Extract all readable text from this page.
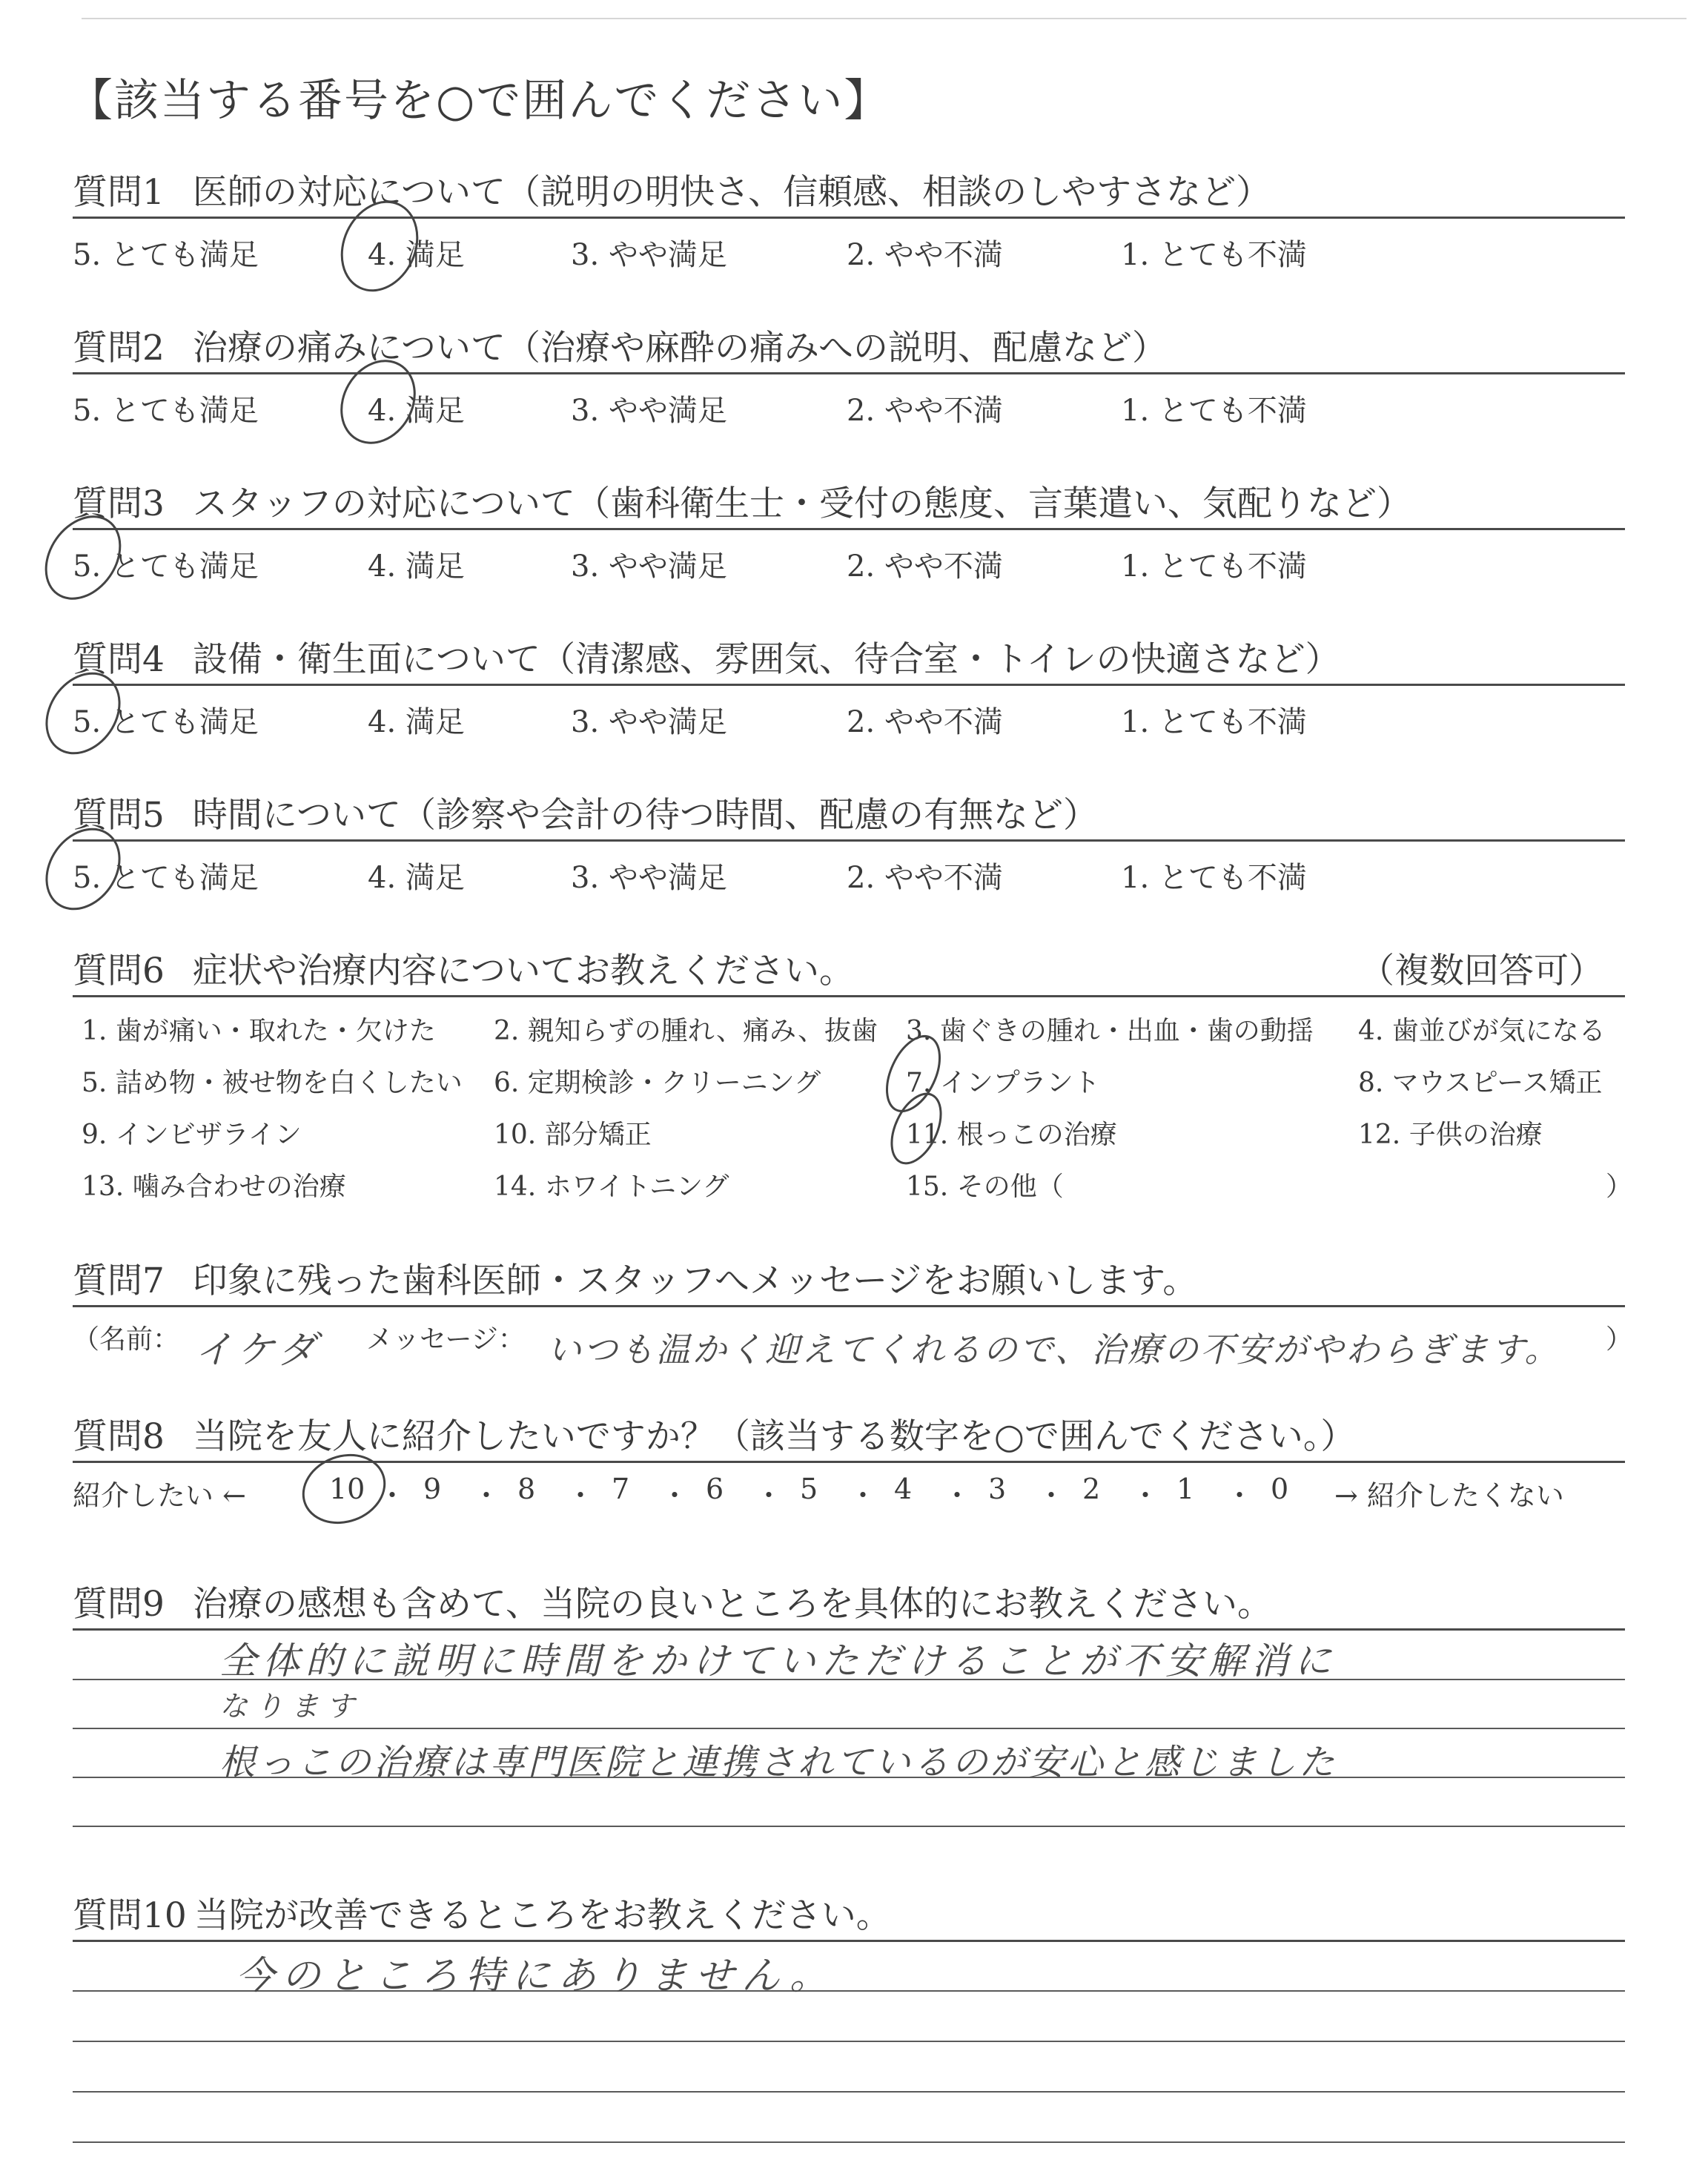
【該当する番号を○で囲んでください】
質問1 医師の対応について（説明の明快さ、信頼感、相談のしやすさなど）
5. とても満足	4. 満足	3. やや満足	2. やや不満	1. とても不満
質問2 治療の痛みについて（治療や麻酔の痛みへの説明、配慮など）
5. とても満足	4. 満足	3. やや満足	2. やや不満	1. とても不満
質問3 スタッフの対応について（歯科衛生士・受付の態度、言葉遣い、気配りなど）
5. とても満足	4. 満足	3. やや満足	2. やや不満	1. とても不満
質問4 設備・衛生面について（清潔感、雰囲気、待合室・トイレの快適さなど）
5. とても満足	4. 満足	3. やや満足	2. やや不満	1. とても不満
質問5 時間について（診察や会計の待つ時間、配慮の有無など）
5. とても満足	4. 満足	3. やや満足	2. やや不満	1. とても不満
質問6 症状や治療内容についてお教えください。	（複数回答可）
1. 歯が痛い・取れた・欠けた 2. 親知らずの腫れ、痛み、抜歯 3. 歯ぐきの腫れ・出血・歯の動揺 4. 歯並びが気になる
5. 詰め物・被せ物を白くしたい 6. 定期検診・クリーニング	7. インプラント	8. マウスピース矯正
9. インビザライン	10. 部分矯正	11. 根っこの治療	12. 子供の治療
13. 噛み合わせの治療	14. ホワイトニング	15. その他（	）
質問7 印象に残った歯科医師・スタッフへメッセージをお願いします。
（名前： イケダ メッセージ： いつも温かく迎えてくれるので、治療の不安がやわらぎます。 ）
質問8 当院を友人に紹介したいですか？（該当する数字を○で囲んでください。）
紹介したい ←	→ 紹介したくない
10 ・ 9 ・ 8 ・ 7 ・ 6 ・ 5 ・ 4 ・ 3 ・ 2 ・ 1 ・ 0
質問9 治療の感想も含めて、当院の良いところを具体的にお教えください。
全体的に説明に時間をかけていただけることが不安解消に
なります
根っこの治療は専門医院と連携されているのが安心と感じました
質問10 当院が改善できるところをお教えください。
今のところ特にありません。
